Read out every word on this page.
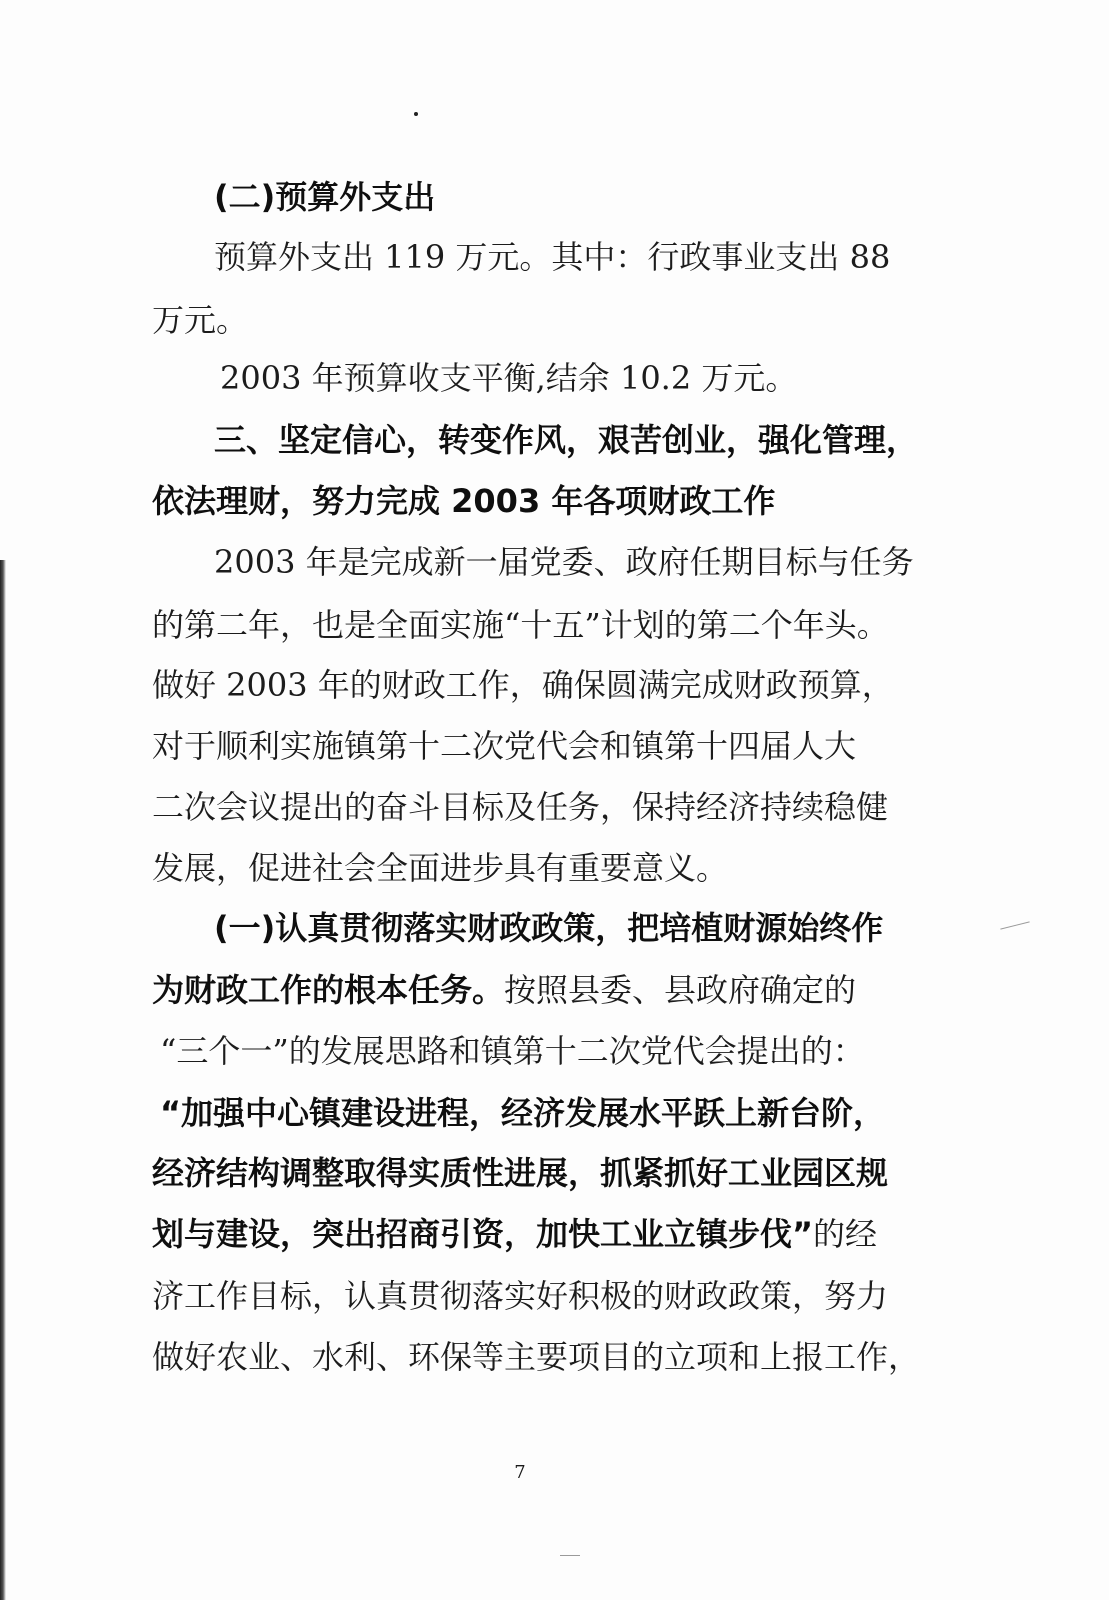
(二)预算外支出
预算外支出 119 万元。其中：行政事业支出 88
万元。
2003 年预算收支平衡,结余 10.2 万元。
三、坚定信心，转变作风，艰苦创业，强化管理，
依法理财，努力完成 2003 年各项财政工作
2003 年是完成新一届党委、政府任期目标与任务
的第二年，也是全面实施“十五”计划的第二个年头。
做好 2003 年的财政工作，确保圆满完成财政预算，
对于顺利实施镇第十二次党代会和镇第十四届人大
二次会议提出的奋斗目标及任务，保持经济持续稳健
发展，促进社会全面进步具有重要意义。
(一)认真贯彻落实财政政策，把培植财源始终作
为财政工作的根本任务。按照县委、县政府确定的
“三个一”的发展思路和镇第十二次党代会提出的：
“加强中心镇建设进程，经济发展水平跃上新台阶，
经济结构调整取得实质性进展，抓紧抓好工业园区规
划与建设，突出招商引资，加快工业立镇步伐”的经
济工作目标，认真贯彻落实好积极的财政政策，努力
做好农业、水利、环保等主要项目的立项和上报工作，
7
